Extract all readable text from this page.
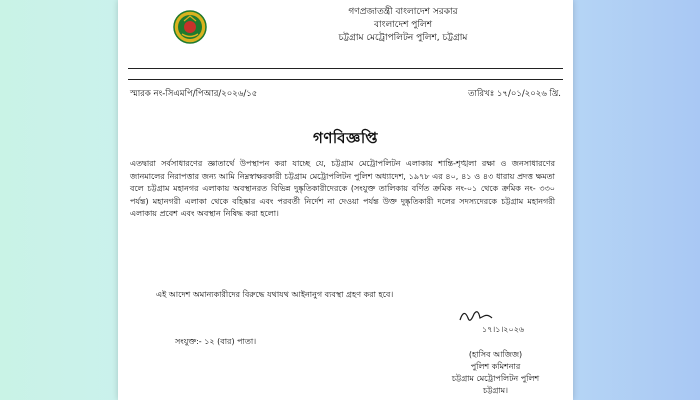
গণপ্রজাতন্ত্রী বাংলাদেশ সরকার
বাংলাদেশ পুলিশ
চট্টগ্রাম মেট্রোপলিটন পুলিশ, চট্টগ্রাম
স্মারক নং-সিএমপি/পিআর/২০২৬/১৫	তারিখঃ ১৭/০১/২০২৬ খ্রি.
গণবিজ্ঞপ্তি
এতদ্বারা সর্বসাধারণের জ্ঞাতার্থে উপস্থাপন করা যাচ্ছে যে, চট্টগ্রাম মেট্রোপলিটন এলাকায় শান্তি-শৃঙ্খলা রক্ষা ও জনসাধারণের জানমালের নিরাপত্তার জন্য আমি নিম্নস্বাক্ষরকারী চট্টগ্রাম মেট্রোপলিটন পুলিশ অধ্যাদেশ, ১৯৭৮ এর ৪০, ৪১ ও ৪৩ ধারায় প্রদত্ত ক্ষমতা বলে চট্টগ্রাম মহানগর এলাকায় অবস্থানরত বিভিন্ন দুষ্কৃতিকারীদেরকে (সংযুক্ত তালিকায় বর্ণিত ক্রমিক নং-০১ থেকে ক্রমিক নং- ৩৩০ পর্যন্ত) মহানগরী এলাকা থেকে বহিষ্কার এবং পরবর্তী নির্দেশ না দেওয়া পর্যন্ত উক্ত দুষ্কৃতিকারী দলের সদস্যদেরকে চট্টগ্রাম মহানগরী এলাকায় প্রবেশ এবং অবস্থান নিষিদ্ধ করা হলো।
এই আদেশ অমান্যকারীদের বিরুদ্ধে যথাযথ আইনানুগ ব্যবস্থা গ্রহণ করা হবে।
১৭।১।২০২৬
সংযুক্ত:- ১২ (বার) পাতা।
(হাসিব আজিজ)
পুলিশ কমিশনার
চট্টগ্রাম মেট্রোপলিটন পুলিশ
চট্টগ্রাম।
